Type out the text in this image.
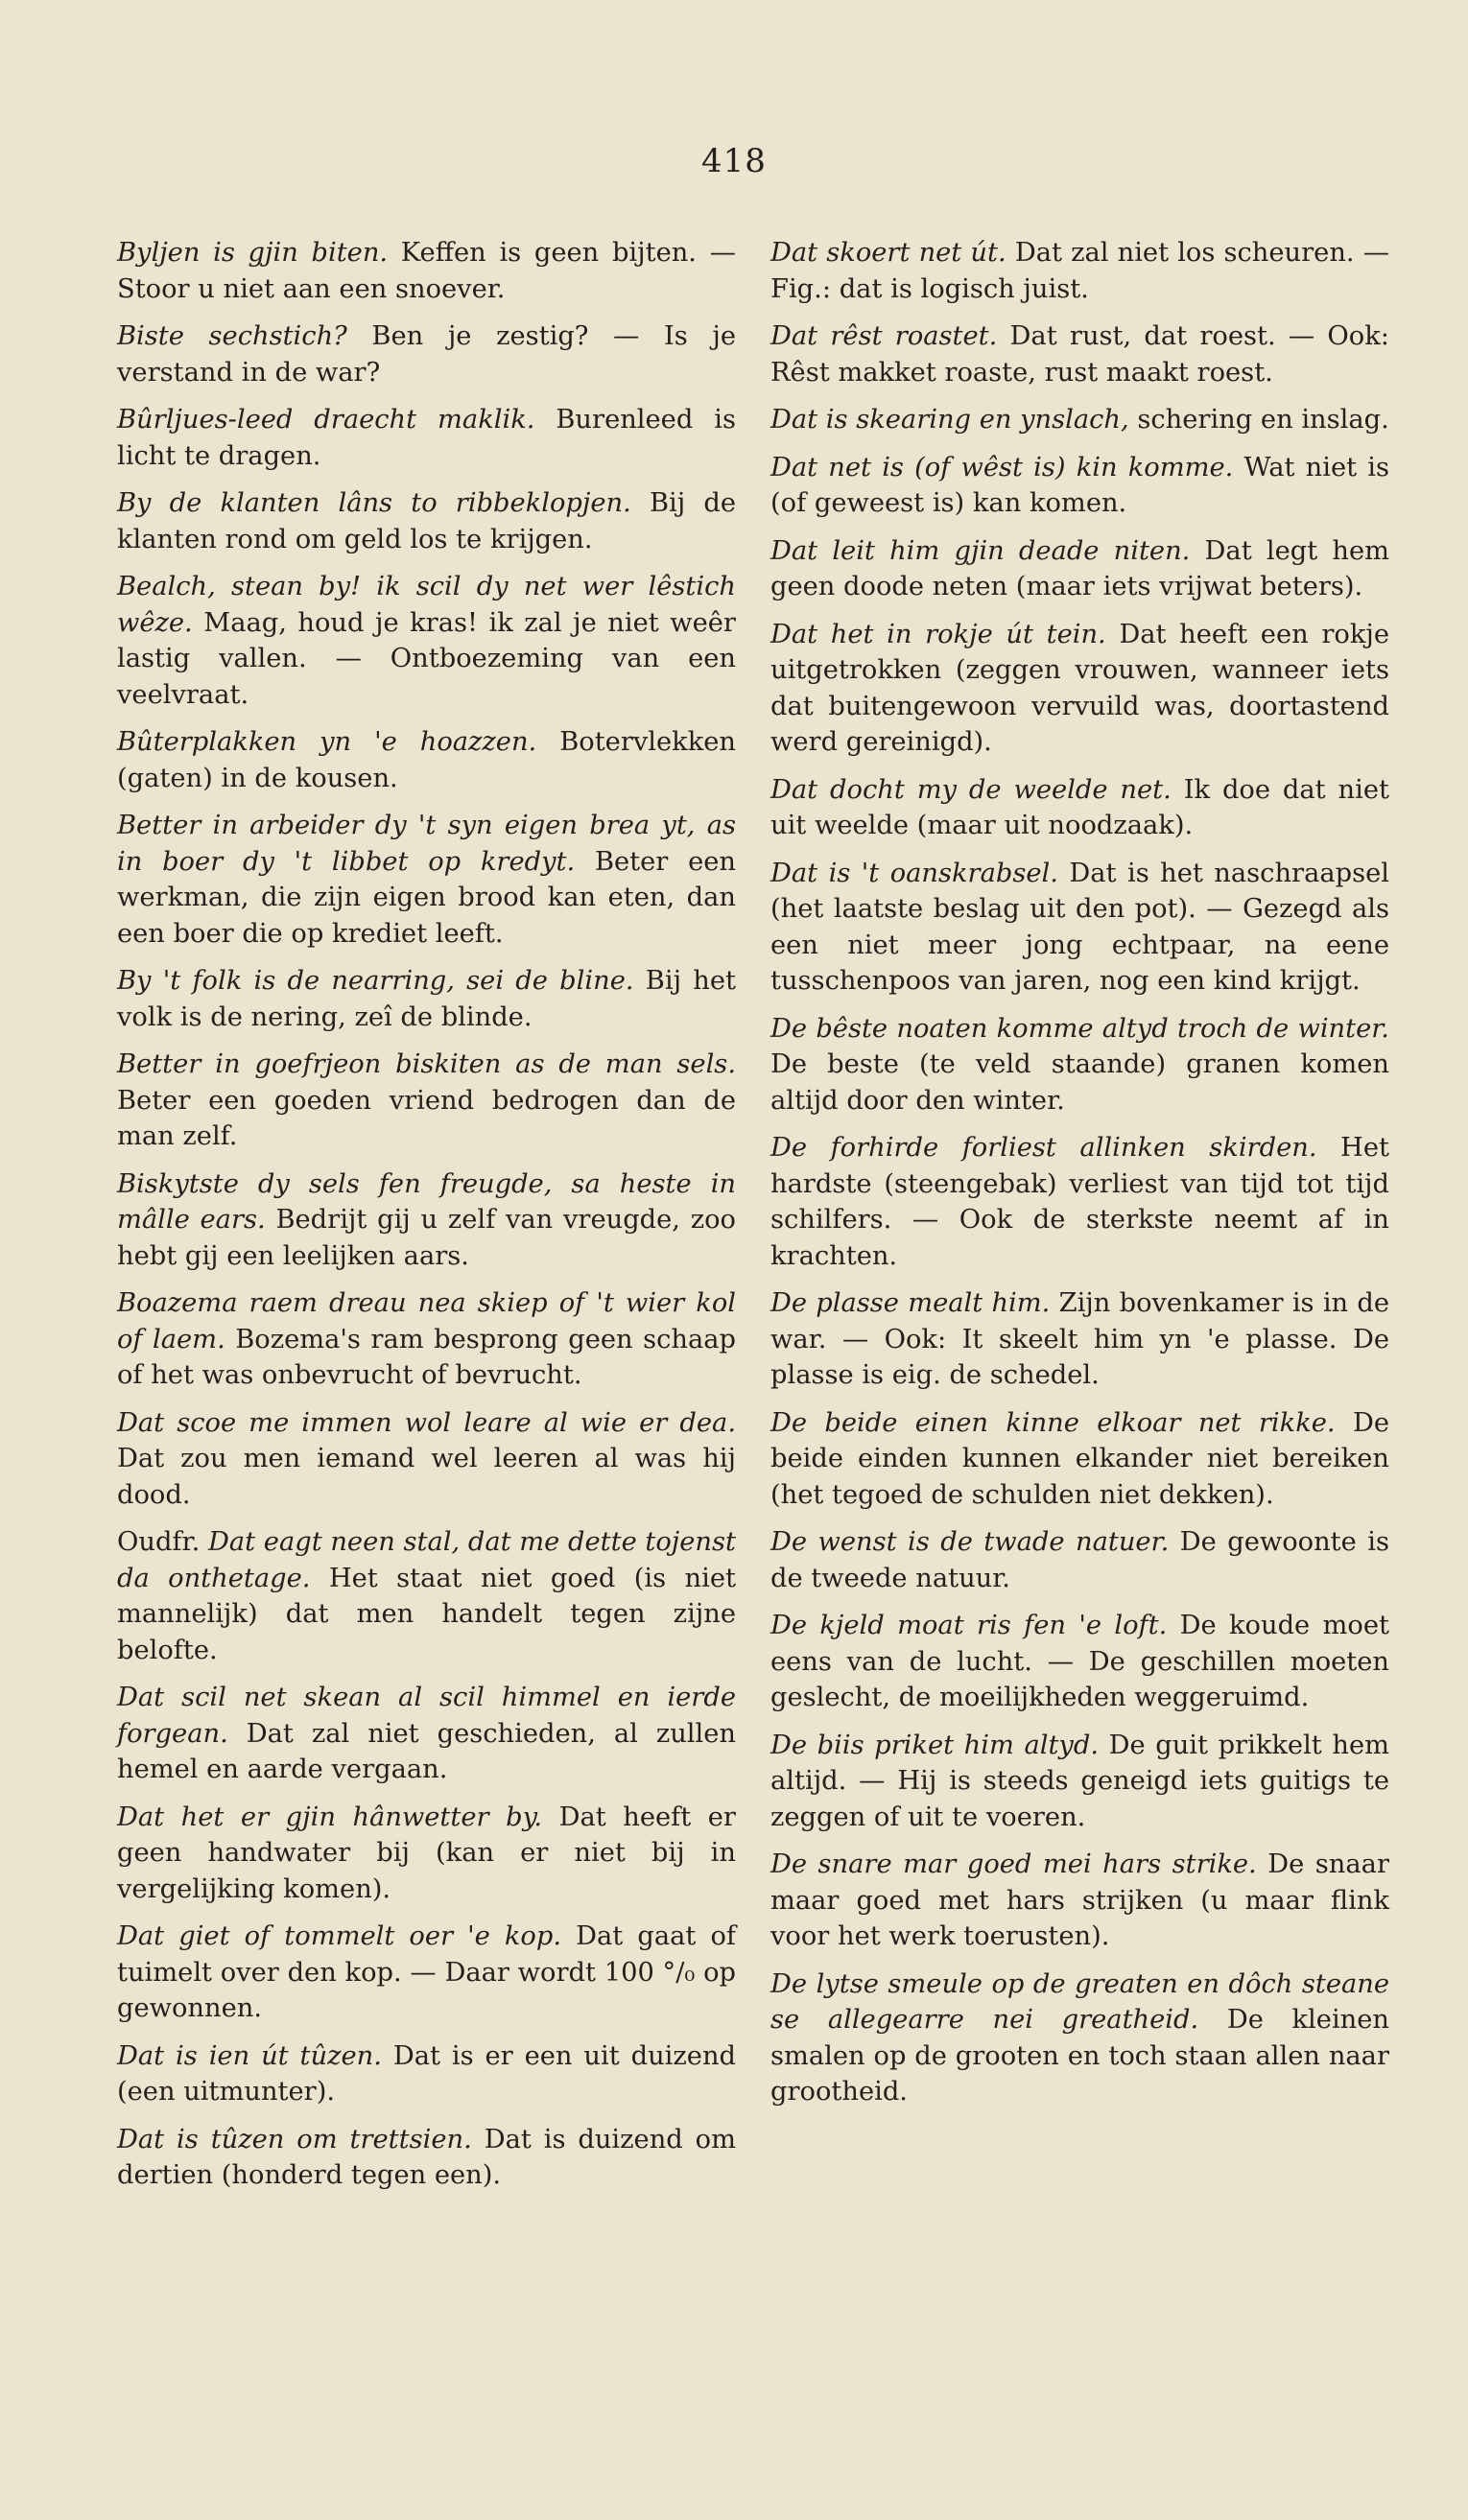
418

Byljen is gjin biten. Keffen is geen bijten. — Stoor u niet aan een snoever.

Biste sechstich? Ben je zestig? — Is je verstand in de war?

Bûrljues-leed draecht maklik. Burenleed is licht te dragen.

By de klanten lâns to ribbeklopjen. Bij de klanten rond om geld los te krijgen.

Bealch, stean by! ik scil dy net wer lêstich wêze. Maag, houd je kras! ik zal je niet weêr lastig vallen. — Ontboezeming van een veelvraat.

Bûterplakken yn 'e hoazzen. Botervlekken (gaten) in de kousen.

Better in arbeider dy 't syn eigen brea yt, as in boer dy 't libbet op kredyt. Beter een werkman, die zijn eigen brood kan eten, dan een boer die op krediet leeft.

By 't folk is de nearring, sei de bline. Bij het volk is de nering, zeî de blinde.

Better in goefrjeon biskiten as de man sels. Beter een goeden vriend bedrogen dan de man zelf.

Biskytste dy sels fen freugde, sa heste in mâlle ears. Bedrijt gij u zelf van vreugde, zoo hebt gij een leelijken aars.

Boazema raem dreau nea skiep of 't wier kol of laem. Bozema's ram besprong geen schaap of het was onbevrucht of bevrucht.

Dat scoe me immen wol leare al wie er dea. Dat zou men iemand wel leeren al was hij dood.

Oudfr. Dat eagt neen stal, dat me dette tojenst da onthetage. Het staat niet goed (is niet mannelijk) dat men handelt tegen zijne belofte.

Dat scil net skean al scil himmel en ierde forgean. Dat zal niet geschieden, al zullen hemel en aarde vergaan.

Dat het er gjin hânwetter by. Dat heeft er geen handwater bij (kan er niet bij in vergelijking komen).

Dat giet of tommelt oer 'e kop. Dat gaat of tuimelt over den kop. — Daar wordt 100 °/₀ op gewonnen.

Dat is ien út tûzen. Dat is er een uit duizend (een uitmunter).

Dat is tûzen om trettsien. Dat is duizend om dertien (honderd tegen een).

Dat skoert net út. Dat zal niet los scheuren. — Fig.: dat is logisch juist.

Dat rêst roastet. Dat rust, dat roest. — Ook: Rêst makket roaste, rust maakt roest.

Dat is skearing en ynslach, schering en inslag.

Dat net is (of wêst is) kin komme. Wat niet is (of geweest is) kan komen.

Dat leit him gjin deade niten. Dat legt hem geen doode neten (maar iets vrijwat beters).

Dat het in rokje út tein. Dat heeft een rokje uitgetrokken (zeggen vrouwen, wanneer iets dat buitengewoon vervuild was, doortastend werd gereinigd).

Dat docht my de weelde net. Ik doe dat niet uit weelde (maar uit noodzaak).

Dat is 't oanskrabsel. Dat is het naschraapsel (het laatste beslag uit den pot). — Gezegd als een niet meer jong echtpaar, na eene tusschenpoos van jaren, nog een kind krijgt.

De bêste noaten komme altyd troch de winter. De beste (te veld staande) granen komen altijd door den winter.

De forhirde forliest allinken skirden. Het hardste (steengebak) verliest van tijd tot tijd schilfers. — Ook de sterkste neemt af in krachten.

De plasse mealt him. Zijn bovenkamer is in de war. — Ook: It skeelt him yn 'e plasse. De plasse is eig. de schedel.

De beide einen kinne elkoar net rikke. De beide einden kunnen elkander niet bereiken (het tegoed de schulden niet dekken).

De wenst is de twade natuer. De gewoonte is de tweede natuur.

De kjeld moat ris fen 'e loft. De koude moet eens van de lucht. — De geschillen moeten geslecht, de moeilijkheden weggeruimd.

De biis priket him altyd. De guit prikkelt hem altijd. — Hij is steeds geneigd iets guitigs te zeggen of uit te voeren.

De snare mar goed mei hars strike. De snaar maar goed met hars strijken (u maar flink voor het werk toerusten).

De lytse smeule op de greaten en dôch steane se allegearre nei greatheid. De kleinen smalen op de grooten en toch staan allen naar grootheid.
